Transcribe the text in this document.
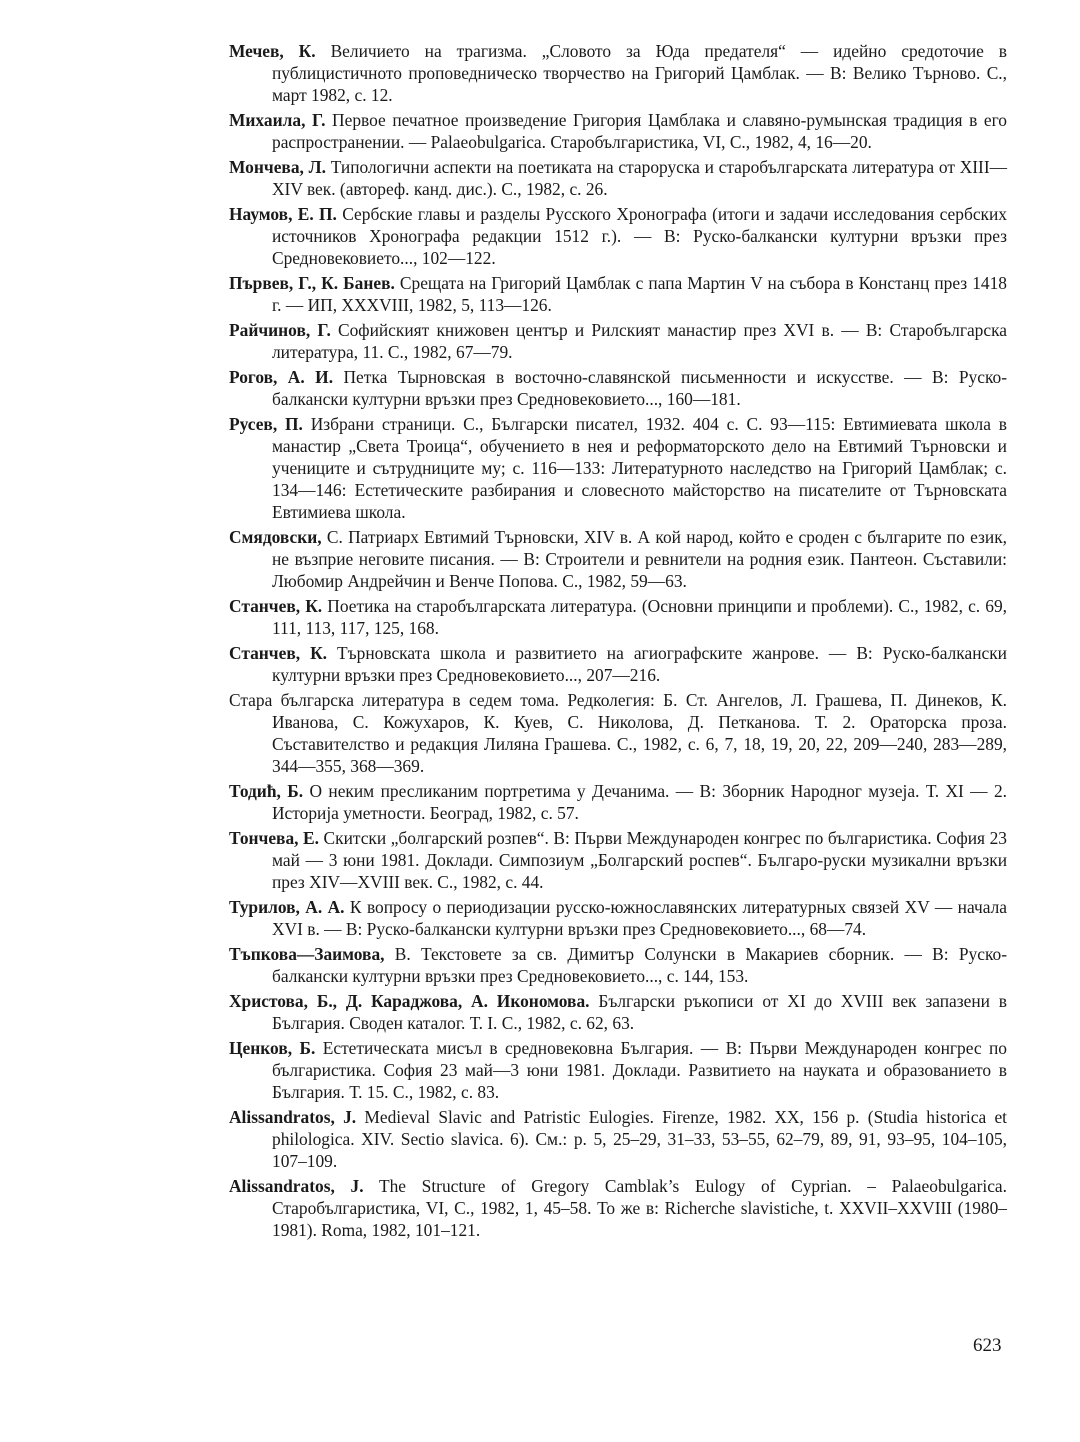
Мечев, К. Величието на трагизма. „Словото за Юда предателя“ — идейно средоточие в публицистичното проповедническо творчество на Григорий Цамблак. — В: Велико Търново. С., март 1982, с. 12.

Михаила, Г. Первое печатное произведение Григория Цамблака и славяно-румынская традиция в его распространении. — Palaeobulgarica. Старобългаристика, VI, С., 1982, 4, 16—20.

Мончева, Л. Типологични аспекти на поетиката на староруска и старобългарската литература от XIII—XIV век. (автореф. канд. дис.). С., 1982, с. 26.

Наумов, Е. П. Сербские главы и разделы Русского Хронографа (итоги и задачи исследования сербских источников Хронографа редакции 1512 г.). — В: Руско-балкански културни връзки през Средновековието..., 102—122.

Първев, Г., К. Банев. Срещата на Григорий Цамблак с папа Мартин V на събора в Констанц през 1418 г. — ИП, XXXVIII, 1982, 5, 113—126.

Райчинов, Г. Софийският книжовен център и Рилският манастир през XVI в. — В: Старобългарска литература, 11. С., 1982, 67—79.

Рогов, А. И. Петка Тырновская в восточно-славянской письменности и искусстве. — В: Руско-балкански културни връзки през Средновековието..., 160—181.

Русев, П. Избрани страници. С., Български писател, 1932. 404 с. С. 93—115: Евтимиевата школа в манастир „Света Троица“, обучението в нея и реформаторското дело на Евтимий Търновски и учениците и сътрудниците му; с. 116—133: Литературното наследство на Григорий Цамблак; с. 134—146: Естетическите разбирания и словесното майсторство на писателите от Търновската Евтимиева школа.

Смядовски, С. Патриарх Евтимий Търновски, XIV в. А кой народ, който е сроден с българите по език, не възприе неговите писания. — В: Строители и ревнители на родния език. Пантеон. Съставили: Любомир Андрейчин и Венче Попова. С., 1982, 59—63.

Станчев, К. Поетика на старобългарската литература. (Основни принципи и проблеми). С., 1982, с. 69, 111, 113, 117, 125, 168.

Станчев, К. Търновската школа и развитието на агиографските жанрове. — В: Руско-балкански културни връзки през Средновековието..., 207—216.

Стара българска литература в седем тома. Редколегия: Б. Ст. Ангелов, Л. Грашева, П. Динеков, К. Иванова, С. Кожухаров, К. Куев, С. Николова, Д. Петканова. Т. 2. Ораторска проза. Съставителство и редакция Лиляна Грашева. С., 1982, с. 6, 7, 18, 19, 20, 22, 209—240, 283—289, 344—355, 368—369.

Тодић, Б. О неким пресликаним портретима у Дечанима. — В: Зборник Народног музеја. Т. XI — 2. Историја уметности. Београд, 1982, с. 57.

Тончева, Е. Скитски „болгарский розпев“. В: Първи Международен конгрес по българистика. София 23 май — 3 юни 1981. Доклади. Симпозиум „Болгарский роспев“. Българо-руски музикални връзки през XIV—XVIII век. С., 1982, с. 44.

Турилов, А. А. К вопросу о периодизации русско-южнославянских литературных связей XV — начала XVI в. — В: Руско-балкански културни връзки през Средновековието..., 68—74.

Тъпкова—Заимова, В. Текстовете за св. Димитър Солунски в Макариев сборник. — В: Руско-балкански културни връзки през Средновековието..., с. 144, 153.

Христова, Б., Д. Караджова, А. Икономова. Български ръкописи от XI до XVIII век запазени в България. Сводeн каталог. Т. I. С., 1982, с. 62, 63.

Ценков, Б. Естетическата мисъл в средновековна България. — В: Първи Международен конгрес по българистика. София 23 май—3 юни 1981. Доклади. Развитието на науката и образованието в България. Т. 15. С., 1982, с. 83.

Alissandratos, J. Medieval Slavic and Patristic Eulogies. Firenze, 1982. XX, 156 p. (Studia historica et philologica. XIV. Sectio slavica. 6). См.: p. 5, 25–29, 31–33, 53–55, 62–79, 89, 91, 93–95, 104–105, 107–109.

Alissandratos, J. The Structure of Gregory Camblak’s Eulogy of Cyprian. – Palaeobulgarica. Старобългаристика, VI, С., 1982, 1, 45–58. То же в: Richerche slavistiche, t. XXVII–XXVIII (1980–1981). Roma, 1982, 101–121.

623
